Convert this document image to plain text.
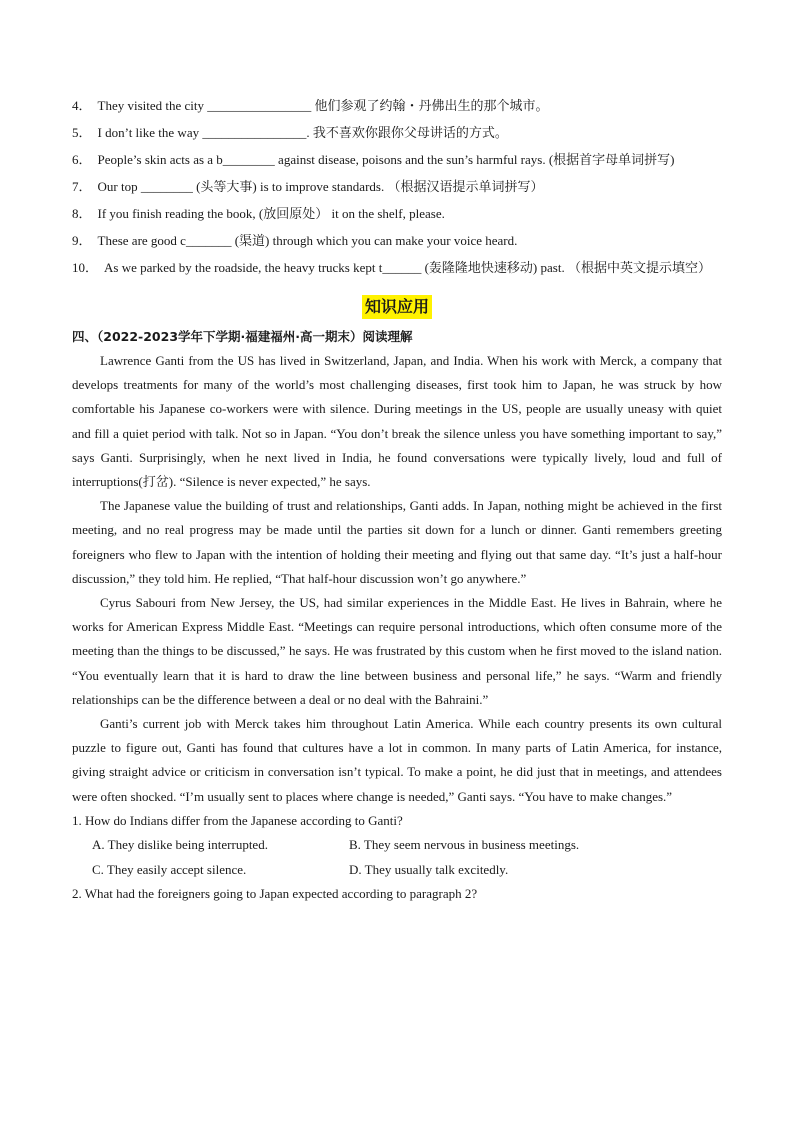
4． They visited the city ________________ 他们参观了约翰・丹佛出生的那个城市。
5． I don’t like the way ________________. 我不喜欢你跟你父母讲话的方式。
6． People’s skin acts as a b________ against disease, poisons and the sun’s harmful rays. (根据首字母单词拼写)
7． Our top ________ (头等大事) is to improve standards. （根据汉语提示单词拼写）
8． If you finish reading the book, (放回原处） it on the shelf, please.
9． These are good c_______ (渠道) through which you can make your voice heard.
10． As we parked by the roadside, the heavy trucks kept t______ (轰隆隆地快速移动) past. （根据中英文提示填空）
知识应用
四、（2022-2023学年下学期·福建福州·高一期末）阅读理解

Lawrence Ganti from the US has lived in Switzerland, Japan, and India. When his work with Merck, a company that develops treatments for many of the world’s most challenging diseases, first took him to Japan, he was struck by how comfortable his Japanese co-workers were with silence. During meetings in the US, people are usually uneasy with quiet and fill a quiet period with talk. Not so in Japan. “You don’t break the silence unless you have something important to say,” says Ganti. Surprisingly, when he next lived in India, he found conversations were typically lively, loud and full of interruptions(打岔). “Silence is never expected,” he says.

The Japanese value the building of trust and relationships, Ganti adds. In Japan, nothing might be achieved in the first meeting, and no real progress may be made until the parties sit down for a lunch or dinner. Ganti remembers greeting foreigners who flew to Japan with the intention of holding their meeting and flying out that same day. “It’s just a half-hour discussion,” they told him. He replied, “That half-hour discussion won’t go anywhere.”

Cyrus Sabouri from New Jersey, the US, had similar experiences in the Middle East. He lives in Bahrain, where he works for American Express Middle East. “Meetings can require personal introductions, which often consume more of the meeting than the things to be discussed,” he says. He was frustrated by this custom when he first moved to the island nation. “You eventually learn that it is hard to draw the line between business and personal life,” he says. “Warm and friendly relationships can be the difference between a deal or no deal with the Bahraini.”

Ganti’s current job with Merck takes him throughout Latin America. While each country presents its own cultural puzzle to figure out, Ganti has found that cultures have a lot in common. In many parts of Latin America, for instance, giving straight advice or criticism in conversation isn’t typical. To make a point, he did just that in meetings, and attendees were often shocked. “I’m usually sent to places where change is needed,” Ganti says. “You have to make changes.”

1. How do Indians differ from the Japanese according to Ganti?
A. They dislike being interrupted.	B. They seem nervous in business meetings.
C. They easily accept silence.	D. They usually talk excitedly.
2. What had the foreigners going to Japan expected according to paragraph 2?
